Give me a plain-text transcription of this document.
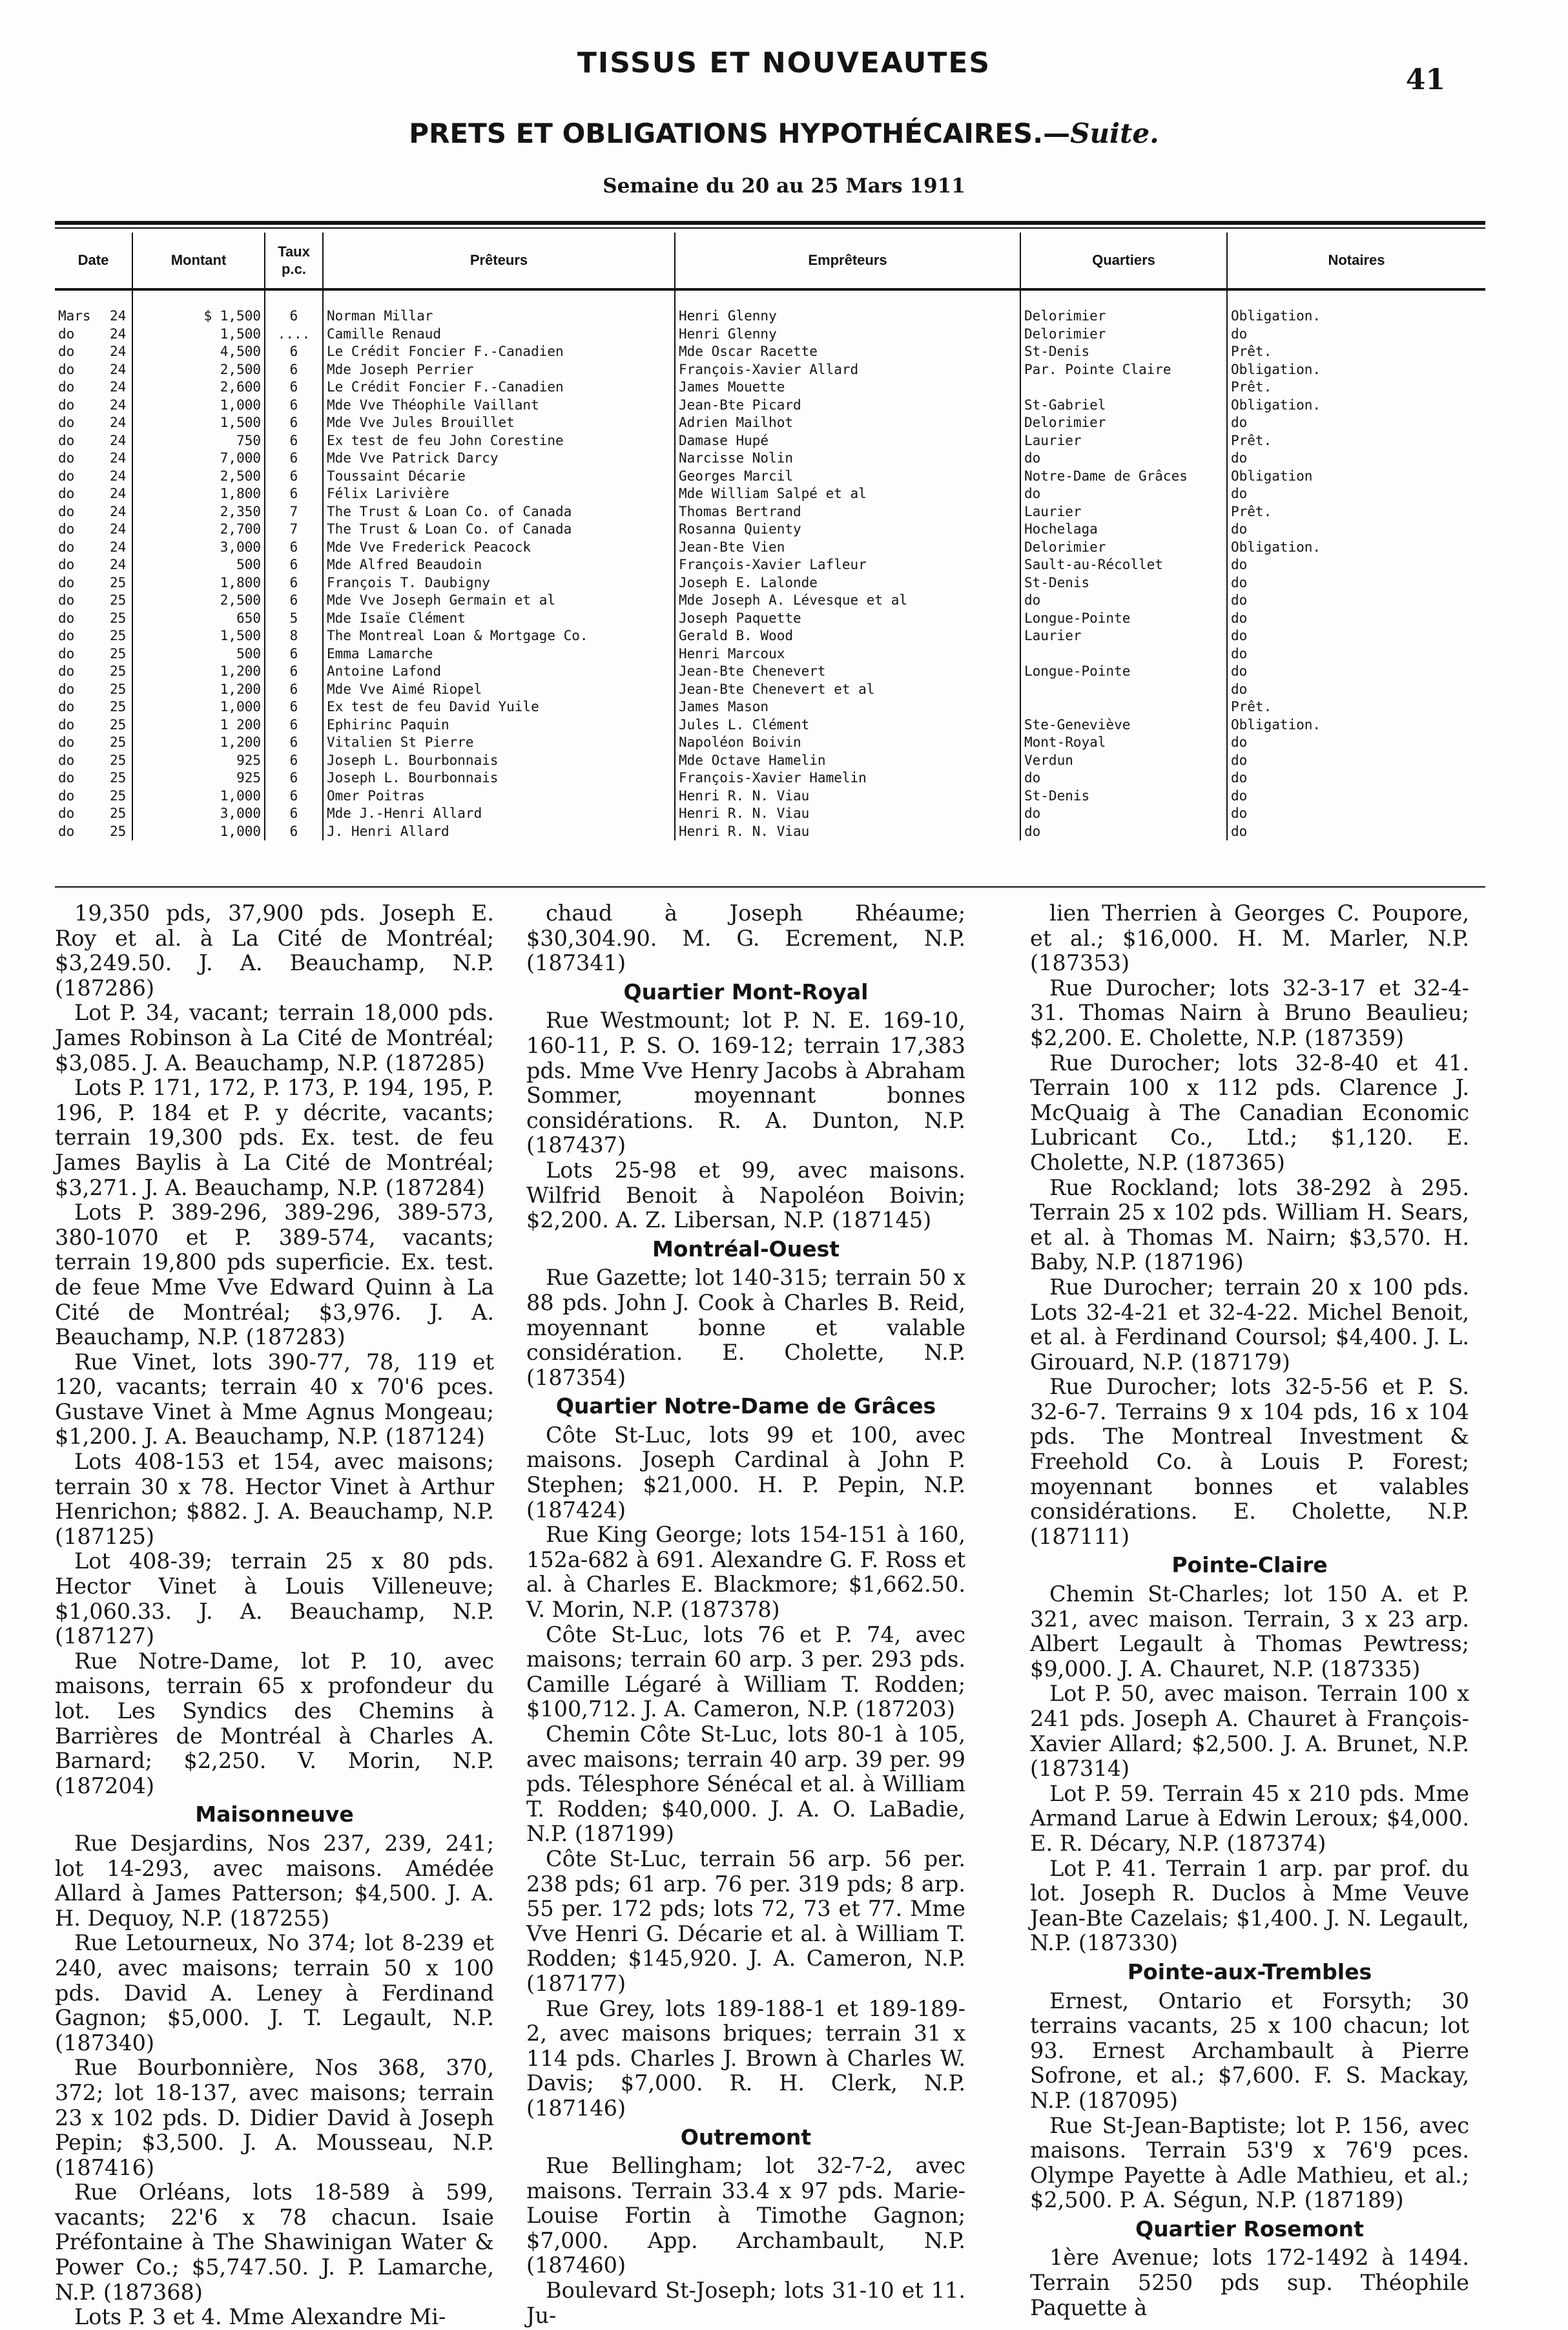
TISSUS ET NOUVEAUTES
41
PRETS ET OBLIGATIONS HYPOTHÉCAIRES.—Suite.
Semaine du 20 au 25 Mars 1911
Date		Montant	Taux p.c.	Prêteurs	Emprêteurs	Quartiers	Notaires
Mars	24	$ 1,500	6	Norman Millar	Henri Glenny	Delorimier	Obligation.
do	24	1,500	....	Camille Renaud	Henri Glenny	Delorimier	do
do	24	4,500	6	Le Crédit Foncier F.-Canadien	Mde Oscar Racette	St-Denis	Prêt.
do	24	2,500	6	Mde Joseph Perrier	François-Xavier Allard	Par. Pointe Claire	Obligation.
do	24	2,600	6	Le Crédit Foncier F.-Canadien	James Mouette		Prêt.
do	24	1,000	6	Mde Vve Théophile Vaillant	Jean-Bte Picard	St-Gabriel	Obligation.
do	24	1,500	6	Mde Vve Jules Brouillet	Adrien Mailhot	Delorimier	do
do	24	750	6	Ex test de feu John Corestine	Damase Hupé	Laurier	Prêt.
do	24	7,000	6	Mde Vve Patrick Darcy	Narcisse Nolin	do	do
do	24	2,500	6	Toussaint Décarie	Georges Marcil	Notre-Dame de Grâces	Obligation
do	24	1,800	6	Félix Larivière	Mde William Salpé et al	do	do
do	24	2,350	7	The Trust & Loan Co. of Canada	Thomas Bertrand	Laurier	Prêt.
do	24	2,700	7	The Trust & Loan Co. of Canada	Rosanna Quienty	Hochelaga	do
do	24	3,000	6	Mde Vve Frederick Peacock	Jean-Bte Vien	Delorimier	Obligation.
do	24	500	6	Mde Alfred Beaudoin	François-Xavier Lafleur	Sault-au-Récollet	do
do	25	1,800	6	François T. Daubigny	Joseph E. Lalonde	St-Denis	do
do	25	2,500	6	Mde Vve Joseph Germain et al	Mde Joseph A. Lévesque et al	do	do
do	25	650	5	Mde Isaïe Clément	Joseph Paquette	Longue-Pointe	do
do	25	1,500	8	The Montreal Loan & Mortgage Co.	Gerald B. Wood	Laurier	do
do	25	500	6	Emma Lamarche	Henri Marcoux		do
do	25	1,200	6	Antoine Lafond	Jean-Bte Chenevert	Longue-Pointe	do
do	25	1,200	6	Mde Vve Aimé Riopel	Jean-Bte Chenevert et al		do
do	25	1,000	6	Ex test de feu David Yuile	James Mason		Prêt.
do	25	1 200	6	Ephirinc Paquin	Jules L. Clément	Ste-Geneviève	Obligation.
do	25	1,200	6	Vitalien St Pierre	Napoléon Boivin	Mont-Royal	do
do	25	925	6	Joseph L. Bourbonnais	Mde Octave Hamelin	Verdun	do
do	25	925	6	Joseph L. Bourbonnais	François-Xavier Hamelin	do	do
do	25	1,000	6	Omer Poitras	Henri R. N. Viau	St-Denis	do
do	25	3,000	6	Mde J.-Henri Allard	Henri R. N. Viau	do	do
do	25	1,000	6	J. Henri Allard	Henri R. N. Viau	do	do

19,350 pds, 37,900 pds. Joseph E. Roy et al. à La Cité de Montréal; $3,249.50. J. A. Beauchamp, N.P. (187286)

Lot P. 34, vacant; terrain 18,000 pds. James Robinson à La Cité de Montréal; $3,085. J. A. Beauchamp, N.P. (187285)

Lots P. 171, 172, P. 173, P. 194, 195, P. 196, P. 184 et P. y décrite, vacants; terrain 19,300 pds. Ex. test. de feu James Baylis à La Cité de Montréal; $3,271. J. A. Beauchamp, N.P. (187284)

Lots P. 389-296, 389-296, 389-573, 380-1070 et P. 389-574, vacants; terrain 19,800 pds superficie. Ex. test. de feue Mme Vve Edward Quinn à La Cité de Montréal; $3,976. J. A. Beauchamp, N.P. (187283)

Rue Vinet, lots 390-77, 78, 119 et 120, vacants; terrain 40 x 70'6 pces. Gustave Vinet à Mme Agnus Mongeau; $1,200. J. A. Beauchamp, N.P. (187124)

Lots 408-153 et 154, avec maisons; terrain 30 x 78. Hector Vinet à Arthur Henrichon; $882. J. A. Beauchamp, N.P. (187125)

Lot 408-39; terrain 25 x 80 pds. Hector Vinet à Louis Villeneuve; $1,060.33. J. A. Beauchamp, N.P. (187127)

Rue Notre-Dame, lot P. 10, avec maisons, terrain 65 x profondeur du lot. Les Syndics des Chemins à Barrières de Montréal à Charles A. Barnard; $2,250. V. Morin, N.P. (187204)

Maisonneuve

Rue Desjardins, Nos 237, 239, 241; lot 14-293, avec maisons. Amédée Allard à James Patterson; $4,500. J. A. H. Dequoy, N.P. (187255)

Rue Letourneux, No 374; lot 8-239 et 240, avec maisons; terrain 50 x 100 pds. David A. Leney à Ferdinand Gagnon; $5,000. J. T. Legault, N.P. (187340)

Rue Bourbonnière, Nos 368, 370, 372; lot 18-137, avec maisons; terrain 23 x 102 pds. D. Didier David à Joseph Pepin; $3,500. J. A. Mousseau, N.P. (187416)

Rue Orléans, lots 18-589 à 599, vacants; 22'6 x 78 chacun. Isaie Préfontaine à The Shawinigan Water & Power Co.; $5,747.50. J. P. Lamarche, N.P. (187368)

Lots P. 3 et 4. Mme Alexandre Mi-

chaud à Joseph Rhéaume; $30,304.90. M. G. Ecrement, N.P. (187341)

Quartier Mont-Royal

Rue Westmount; lot P. N. E. 169-10, 160-11, P. S. O. 169-12; terrain 17,383 pds. Mme Vve Henry Jacobs à Abraham Sommer, moyennant bonnes considérations. R. A. Dunton, N.P. (187437)

Lots 25-98 et 99, avec maisons. Wilfrid Benoit à Napoléon Boivin; $2,200. A. Z. Libersan, N.P. (187145)

Montréal-Ouest

Rue Gazette; lot 140-315; terrain 50 x 88 pds. John J. Cook à Charles B. Reid, moyennant bonne et valable considération. E. Cholette, N.P. (187354)

Quartier Notre-Dame de Grâces

Côte St-Luc, lots 99 et 100, avec maisons. Joseph Cardinal à John P. Stephen; $21,000. H. P. Pepin, N.P. (187424)

Rue King George; lots 154-151 à 160, 152a-682 à 691. Alexandre G. F. Ross et al. à Charles E. Blackmore; $1,662.50. V. Morin, N.P. (187378)

Côte St-Luc, lots 76 et P. 74, avec maisons; terrain 60 arp. 3 per. 293 pds. Camille Légaré à William T. Rodden; $100,712. J. A. Cameron, N.P. (187203)

Chemin Côte St-Luc, lots 80-1 à 105, avec maisons; terrain 40 arp. 39 per. 99 pds. Télesphore Sénécal et al. à William T. Rodden; $40,000. J. A. O. LaBadie, N.P. (187199)

Côte St-Luc, terrain 56 arp. 56 per. 238 pds; 61 arp. 76 per. 319 pds; 8 arp. 55 per. 172 pds; lots 72, 73 et 77. Mme Vve Henri G. Décarie et al. à William T. Rodden; $145,920. J. A. Cameron, N.P. (187177)

Rue Grey, lots 189-188-1 et 189-189-2, avec maisons briques; terrain 31 x 114 pds. Charles J. Brown à Charles W. Davis; $7,000. R. H. Clerk, N.P. (187146)

Outremont

Rue Bellingham; lot 32-7-2, avec maisons. Terrain 33.4 x 97 pds. Marie-Louise Fortin à Timothe Gagnon; $7,000. App. Archambault, N.P. (187460)

Boulevard St-Joseph; lots 31-10 et 11. Ju-

lien Therrien à Georges C. Poupore, et al.; $16,000. H. M. Marler, N.P. (187353)

Rue Durocher; lots 32-3-17 et 32-4-31. Thomas Nairn à Bruno Beaulieu; $2,200. E. Cholette, N.P. (187359)

Rue Durocher; lots 32-8-40 et 41. Terrain 100 x 112 pds. Clarence J. McQuaig à The Canadian Economic Lubricant Co., Ltd.; $1,120. E. Cholette, N.P. (187365)

Rue Rockland; lots 38-292 à 295. Terrain 25 x 102 pds. William H. Sears, et al. à Thomas M. Nairn; $3,570. H. Baby, N.P. (187196)

Rue Durocher; terrain 20 x 100 pds. Lots 32-4-21 et 32-4-22. Michel Benoit, et al. à Ferdinand Coursol; $4,400. J. L. Girouard, N.P. (187179)

Rue Durocher; lots 32-5-56 et P. S. 32-6-7. Terrains 9 x 104 pds, 16 x 104 pds. The Montreal Investment & Freehold Co. à Louis P. Forest; moyennant bonnes et valables considérations. E. Cholette, N.P. (187111)

Pointe-Claire

Chemin St-Charles; lot 150 A. et P. 321, avec maison. Terrain, 3 x 23 arp. Albert Legault à Thomas Pewtress; $9,000. J. A. Chauret, N.P. (187335)

Lot P. 50, avec maison. Terrain 100 x 241 pds. Joseph A. Chauret à François-Xavier Allard; $2,500. J. A. Brunet, N.P. (187314)

Lot P. 59. Terrain 45 x 210 pds. Mme Armand Larue à Edwin Leroux; $4,000. E. R. Décary, N.P. (187374)

Lot P. 41. Terrain 1 arp. par prof. du lot. Joseph R. Duclos à Mme Veuve Jean-Bte Cazelais; $1,400. J. N. Legault, N.P. (187330)

Pointe-aux-Trembles

Ernest, Ontario et Forsyth; 30 terrains vacants, 25 x 100 chacun; lot 93. Ernest Archambault à Pierre Sofrone, et al.; $7,600. F. S. Mackay, N.P. (187095)

Rue St-Jean-Baptiste; lot P. 156, avec maisons. Terrain 53'9 x 76'9 pces. Olympe Payette à Adle Mathieu, et al.; $2,500. P. A. Ségun, N.P. (187189)

Quartier Rosemont

1ère Avenue; lots 172-1492 à 1494. Terrain 5250 pds sup. Théophile Paquette à
